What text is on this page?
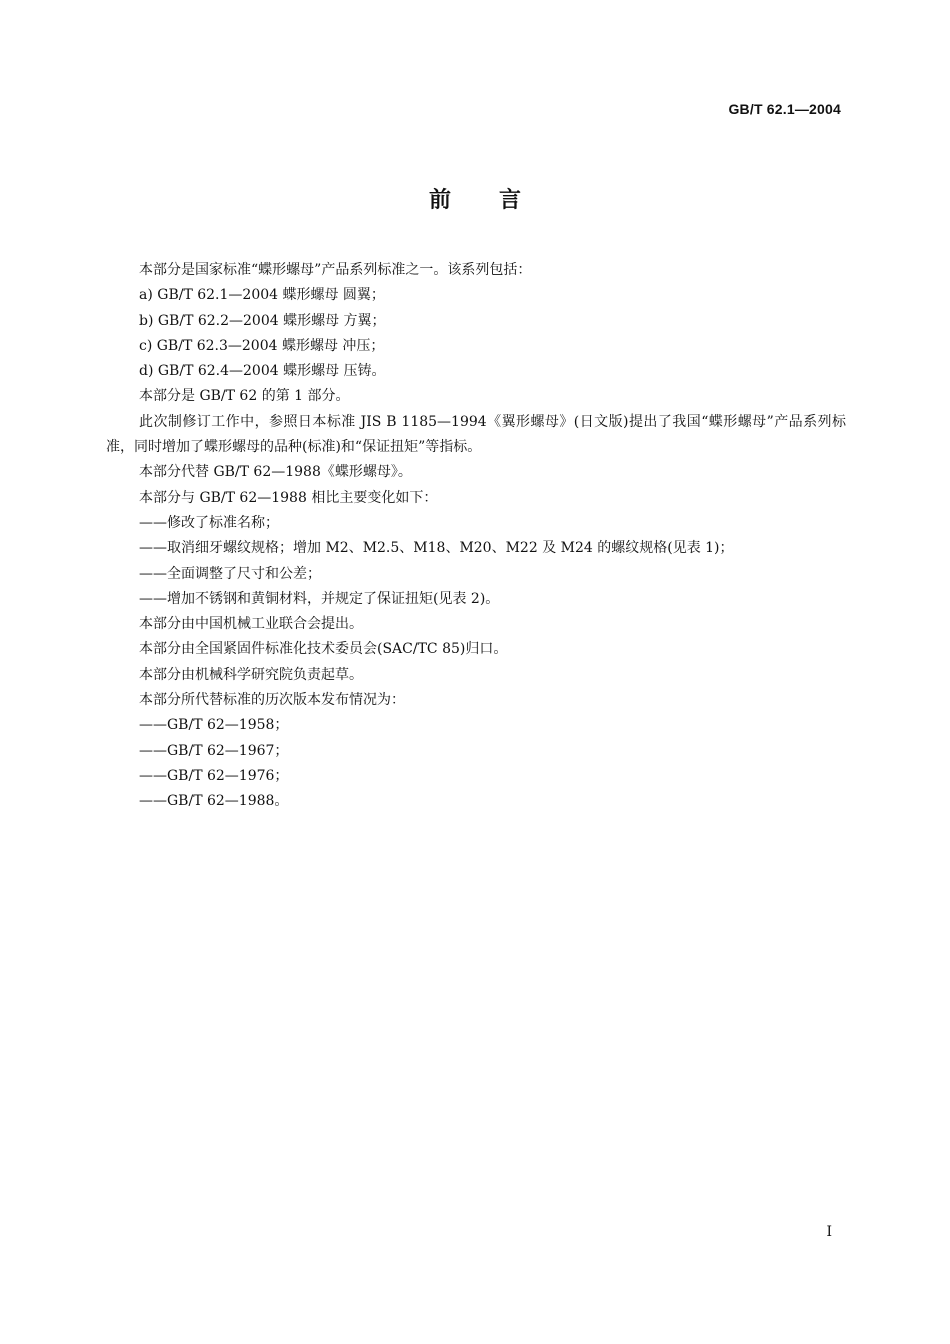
GB/T 62.1—2004
前言

本部分是国家标准“蝶形螺母”产品系列标准之一。该系列包括：

a) GB/T 62.1—2004 蝶形螺母 圆翼；

b) GB/T 62.2—2004 蝶形螺母 方翼；

c) GB/T 62.3—2004 蝶形螺母 冲压；

d) GB/T 62.4—2004 蝶形螺母 压铸。

本部分是 GB/T 62 的第 1 部分。

此次制修订工作中，参照日本标准 JIS B 1185—1994《翼形螺母》(日文版)提出了我国“蝶形螺母”产品系列标准，同时增加了蝶形螺母的品种(标准)和“保证扭矩”等指标。

本部分代替 GB/T 62—1988《蝶形螺母》。

本部分与 GB/T 62—1988 相比主要变化如下：

——修改了标准名称；

——取消细牙螺纹规格；增加 M2、M2.5、M18、M20、M22 及 M24 的螺纹规格(见表 1)；

——全面调整了尺寸和公差；

——增加不锈钢和黄铜材料，并规定了保证扭矩(见表 2)。

本部分由中国机械工业联合会提出。

本部分由全国紧固件标准化技术委员会(SAC/TC 85)归口。

本部分由机械科学研究院负责起草。

本部分所代替标准的历次版本发布情况为：

——GB/T 62—1958；

——GB/T 62—1967；

——GB/T 62—1976；

——GB/T 62—1988。

I
